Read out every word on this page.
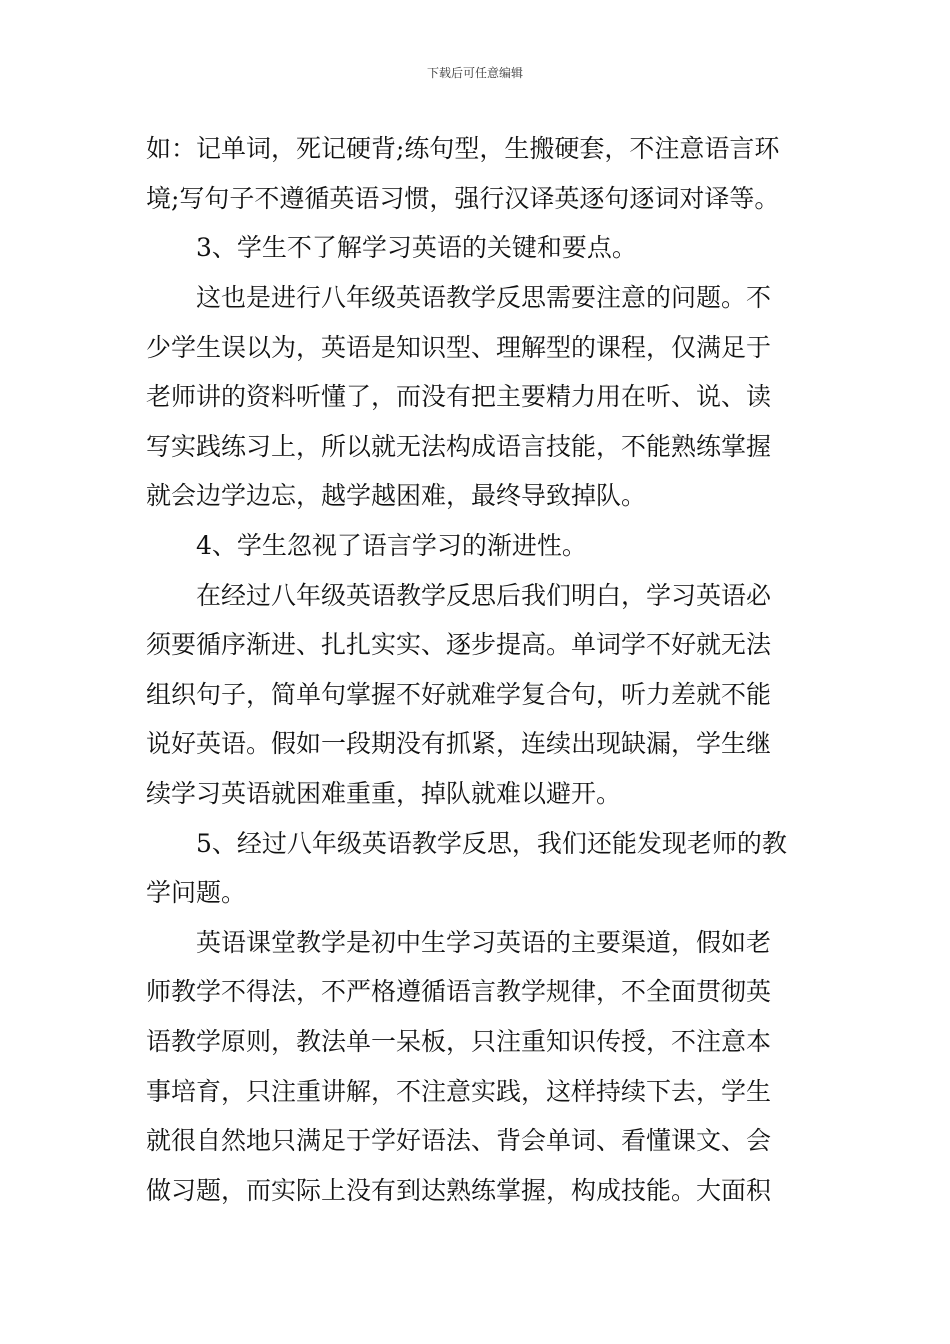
下载后可任意编辑
如：记单词，死记硬背;练句型，生搬硬套，不注意语言环
境;写句子不遵循英语习惯，强行汉译英逐句逐词对译等。
3、学生不了解学习英语的关键和要点。
这也是进行八年级英语教学反思需要注意的问题。不
少学生误以为，英语是知识型、理解型的课程，仅满足于
老师讲的资料听懂了，而没有把主要精力用在听、说、读
写实践练习上，所以就无法构成语言技能，不能熟练掌握
就会边学边忘，越学越困难，最终导致掉队。
4、学生忽视了语言学习的渐进性。
在经过八年级英语教学反思后我们明白，学习英语必
须要循序渐进、扎扎实实、逐步提高。单词学不好就无法
组织句子，简单句掌握不好就难学复合句，听力差就不能
说好英语。假如一段期没有抓紧，连续出现缺漏，学生继
续学习英语就困难重重，掉队就难以避开。
5、经过八年级英语教学反思，我们还能发现老师的教
学问题。
英语课堂教学是初中生学习英语的主要渠道，假如老
师教学不得法，不严格遵循语言教学规律，不全面贯彻英
语教学原则，教法单一呆板，只注重知识传授，不注意本
事培育，只注重讲解，不注意实践，这样持续下去，学生
就很自然地只满足于学好语法、背会单词、看懂课文、会
做习题，而实际上没有到达熟练掌握，构成技能。大面积
